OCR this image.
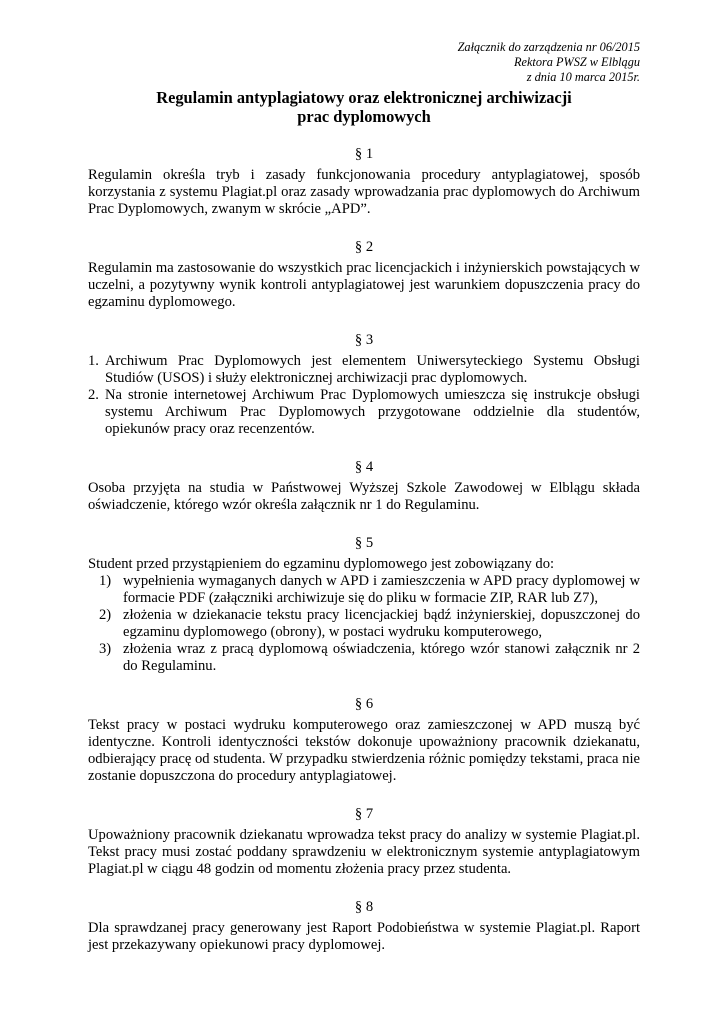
Załącznik do zarządzenia nr 06/2015
Rektora PWSZ w Elblągu
z dnia 10 marca 2015r.
Regulamin antyplagiatowy oraz elektronicznej archiwizacji
prac dyplomowych
§ 1
Regulamin określa tryb i zasady funkcjonowania procedury antyplagiatowej, sposób korzystania z systemu Plagiat.pl oraz zasady wprowadzania prac dyplomowych do Archiwum Prac Dyplomowych, zwanym w skrócie „APD”.
§ 2
Regulamin ma zastosowanie do wszystkich prac licencjackich i inżynierskich powstających w uczelni, a pozytywny wynik kontroli antyplagiatowej jest warunkiem dopuszczenia pracy do egzaminu dyplomowego.
§ 3
1. Archiwum Prac Dyplomowych jest elementem Uniwersyteckiego Systemu Obsługi Studiów (USOS) i służy elektronicznej archiwizacji prac dyplomowych.
2. Na stronie internetowej Archiwum Prac Dyplomowych umieszcza się instrukcje obsługi systemu Archiwum Prac Dyplomowych przygotowane oddzielnie dla studentów, opiekunów pracy oraz recenzentów.
§ 4
Osoba przyjęta na studia w Państwowej Wyższej Szkole Zawodowej w Elblągu składa oświadczenie, którego wzór określa załącznik nr 1 do Regulaminu.
§ 5
Student przed przystąpieniem do egzaminu dyplomowego jest zobowiązany do:
1) wypełnienia wymaganych danych w APD i zamieszczenia w APD pracy dyplomowej w formacie PDF (załączniki archiwizuje się do pliku w formacie ZIP, RAR lub Z7),
2) złożenia w dziekanacie tekstu pracy licencjackiej bądź inżynierskiej, dopuszczonej do egzaminu dyplomowego (obrony), w postaci wydruku komputerowego,
3) złożenia wraz z pracą dyplomową oświadczenia, którego wzór stanowi załącznik nr 2 do Regulaminu.
§ 6
Tekst pracy w postaci wydruku komputerowego oraz zamieszczonej w APD muszą być identyczne. Kontroli identyczności tekstów dokonuje upoważniony pracownik dziekanatu, odbierający pracę od studenta. W przypadku stwierdzenia różnic pomiędzy tekstami, praca nie zostanie dopuszczona do procedury antyplagiatowej.
§ 7
Upoważniony pracownik dziekanatu wprowadza tekst pracy do analizy w systemie Plagiat.pl. Tekst pracy musi zostać poddany sprawdzeniu w elektronicznym systemie antyplagiatowym Plagiat.pl w ciągu 48 godzin od momentu złożenia pracy przez studenta.
§ 8
Dla sprawdzanej pracy generowany jest Raport Podobieństwa w systemie Plagiat.pl. Raport jest przekazywany opiekunowi pracy dyplomowej.
